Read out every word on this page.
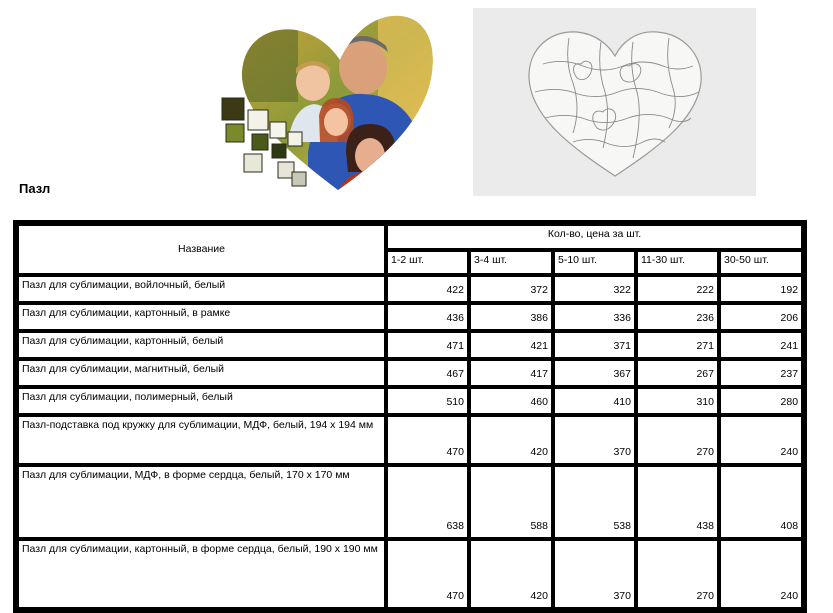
Пазл
Название	Кол-во, цена за шт.				
	1-2 шт.	3-4 шт.	5-10 шт.	11-30 шт.	30-50 шт.
Пазл для сублимации, войлочный, белый	422	372	322	222	192
Пазл для сублимации, картонный, в рамке	436	386	336	236	206
Пазл для сублимации, картонный, белый	471	421	371	271	241
Пазл для сублимации, магнитный, белый	467	417	367	267	237
Пазл для сублимации, полимерный, белый	510	460	410	310	280
Пазл-подставка под кружку для сублимации, МДФ, белый, 194 х 194 мм	470	420	370	270	240
Пазл для сублимации, МДФ, в форме сердца, белый, 170 х 170 мм	638	588	538	438	408
Пазл для сублимации, картонный, в форме сердца, белый, 190 х 190 мм	470	420	370	270	240
